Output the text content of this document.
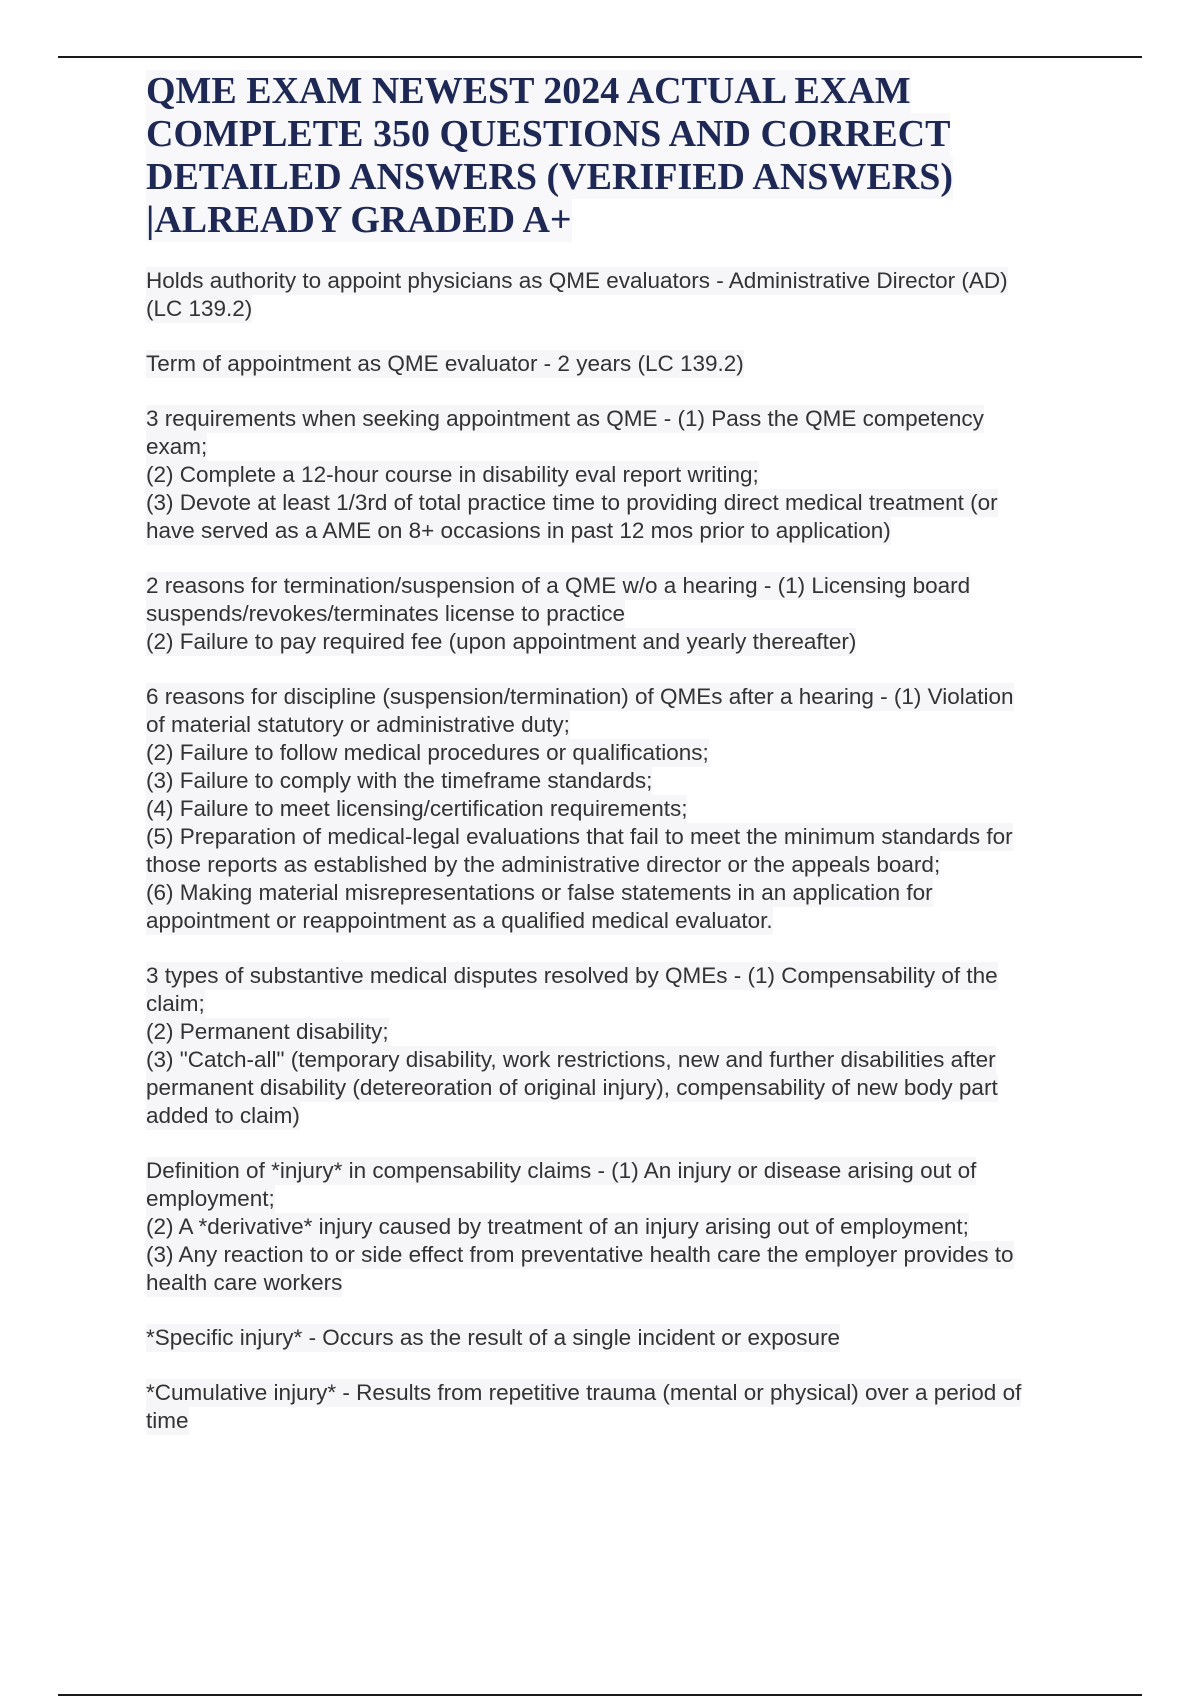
QME EXAM NEWEST 2024 ACTUAL EXAM
COMPLETE 350 QUESTIONS AND CORRECT
DETAILED ANSWERS (VERIFIED ANSWERS)
|ALREADY GRADED A+

Holds authority to appoint physicians as QME evaluators - Administrative Director (AD)
(LC 139.2)

Term of appointment as QME evaluator - 2 years (LC 139.2)

3 requirements when seeking appointment as QME - (1) Pass the QME competency
exam;
(2) Complete a 12-hour course in disability eval report writing;
(3) Devote at least 1/3rd of total practice time to providing direct medical treatment (or
have served as a AME on 8+ occasions in past 12 mos prior to application)

2 reasons for termination/suspension of a QME w/o a hearing - (1) Licensing board
suspends/revokes/terminates license to practice
(2) Failure to pay required fee (upon appointment and yearly thereafter)

6 reasons for discipline (suspension/termination) of QMEs after a hearing - (1) Violation
of material statutory or administrative duty;
(2) Failure to follow medical procedures or qualifications;
(3) Failure to comply with the timeframe standards;
(4) Failure to meet licensing/certification requirements;
(5) Preparation of medical-legal evaluations that fail to meet the minimum standards for
those reports as established by the administrative director or the appeals board;
(6) Making material misrepresentations or false statements in an application for
appointment or reappointment as a qualified medical evaluator.

3 types of substantive medical disputes resolved by QMEs - (1) Compensability of the
claim;
(2) Permanent disability;
(3) "Catch-all" (temporary disability, work restrictions, new and further disabilities after
permanent disability (detereoration of original injury), compensability of new body part
added to claim)

Definition of *injury* in compensability claims - (1) An injury or disease arising out of
employment;
(2) A *derivative* injury caused by treatment of an injury arising out of employment;
(3) Any reaction to or side effect from preventative health care the employer provides to
health care workers

*Specific injury* - Occurs as the result of a single incident or exposure

*Cumulative injury* - Results from repetitive trauma (mental or physical) over a period of
time
